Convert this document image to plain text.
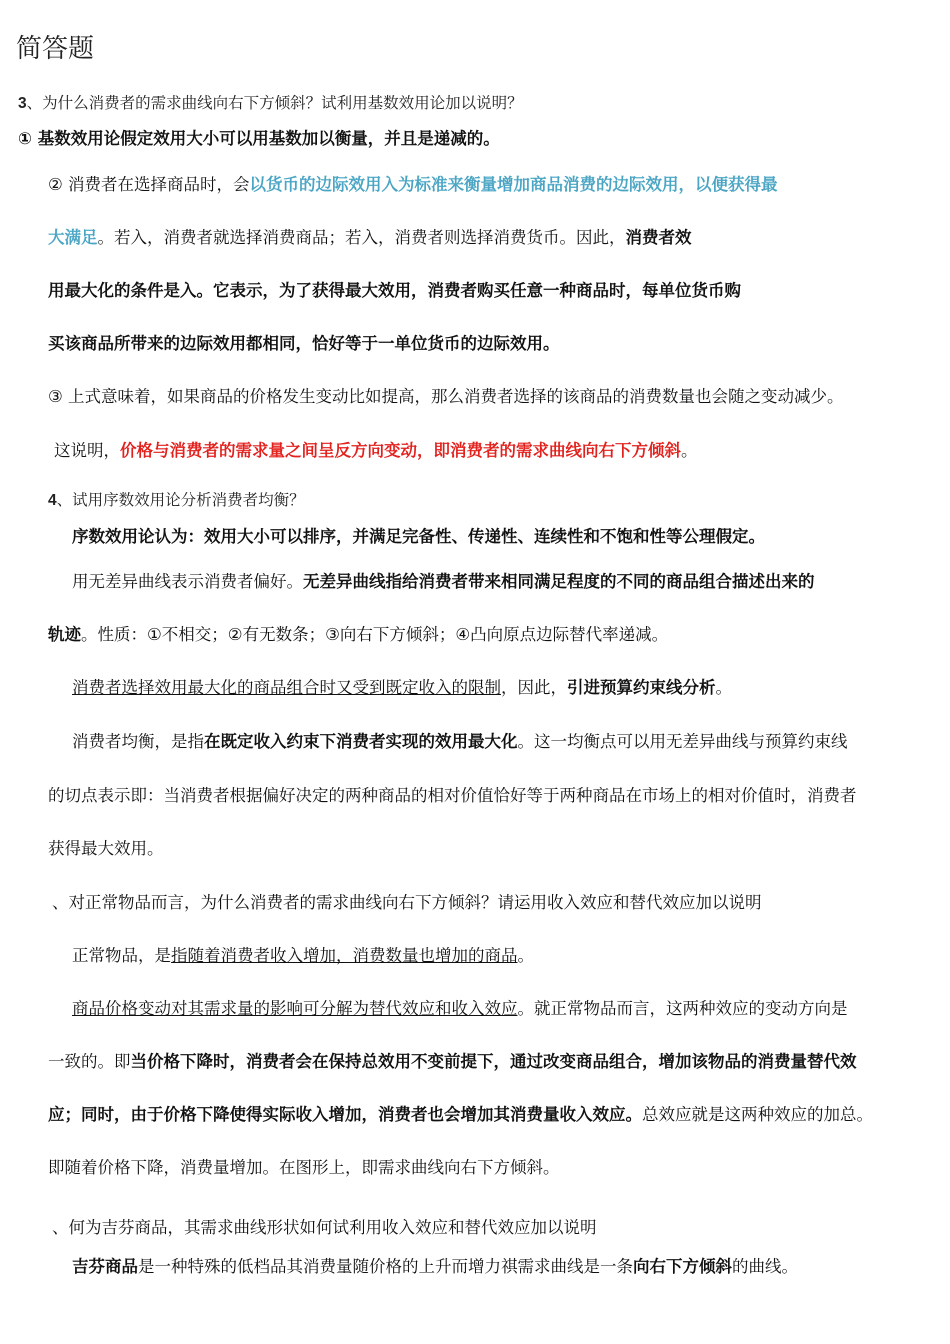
简答题
3、为什么消费者的需求曲线向右下方倾斜？试利用基数效用论加以说明？
① 基数效用论假定效用大小可以用基数加以衡量，并且是递减的。
② 消费者在选择商品时，会以货币的边际效用入为标准来衡量增加商品消费的边际效用，以便获得最
大满足。若入，消费者就选择消费商品；若入，消费者则选择消费货币。因此，消费者效
用最大化的条件是入。它表示，为了获得最大效用，消费者购买任意一种商品时，每单位货币购
买该商品所带来的边际效用都相同，恰好等于一单位货币的边际效用。
③ 上式意味着，如果商品的价格发生变动比如提高，那么消费者选择的该商品的消费数量也会随之变动减少。
这说明，价格与消费者的需求量之间呈反方向变动，即消费者的需求曲线向右下方倾斜。
4、试用序数效用论分析消费者均衡？
序数效用论认为：效用大小可以排序，并满足完备性、传递性、连续性和不饱和性等公理假定。
用无差异曲线表示消费者偏好。无差异曲线指给消费者带来相同满足程度的不同的商品组合描述出来的
轨迹。性质：①不相交；②有无数条；③向右下方倾斜；④凸向原点边际替代率递减。
消费者选择效用最大化的商品组合时又受到既定收入的限制，因此，引进预算约束线分析。
消费者均衡，是指在既定收入约束下消费者实现的效用最大化。这一均衡点可以用无差异曲线与预算约束线
的切点表示即：当消费者根据偏好决定的两种商品的相对价值恰好等于两种商品在市场上的相对价值时，消费者
获得最大效用。
、对正常物品而言，为什么消费者的需求曲线向右下方倾斜？请运用收入效应和替代效应加以说明
正常物品，是指随着消费者收入增加，消费数量也增加的商品。
商品价格变动对其需求量的影响可分解为替代效应和收入效应。就正常物品而言，这两种效应的变动方向是
一致的。即当价格下降时，消费者会在保持总效用不变前提下，通过改变商品组合，增加该物品的消费量替代效
应；同时，由于价格下降使得实际收入增加，消费者也会增加其消费量收入效应。总效应就是这两种效应的加总。
即随着价格下降，消费量增加。在图形上，即需求曲线向右下方倾斜。
、何为吉芬商品，其需求曲线形状如何试利用收入效应和替代效应加以说明
吉芬商品是一种特殊的低档品其消费量随价格的上升而增力祺需求曲线是一条向右下方倾斜的曲线。
